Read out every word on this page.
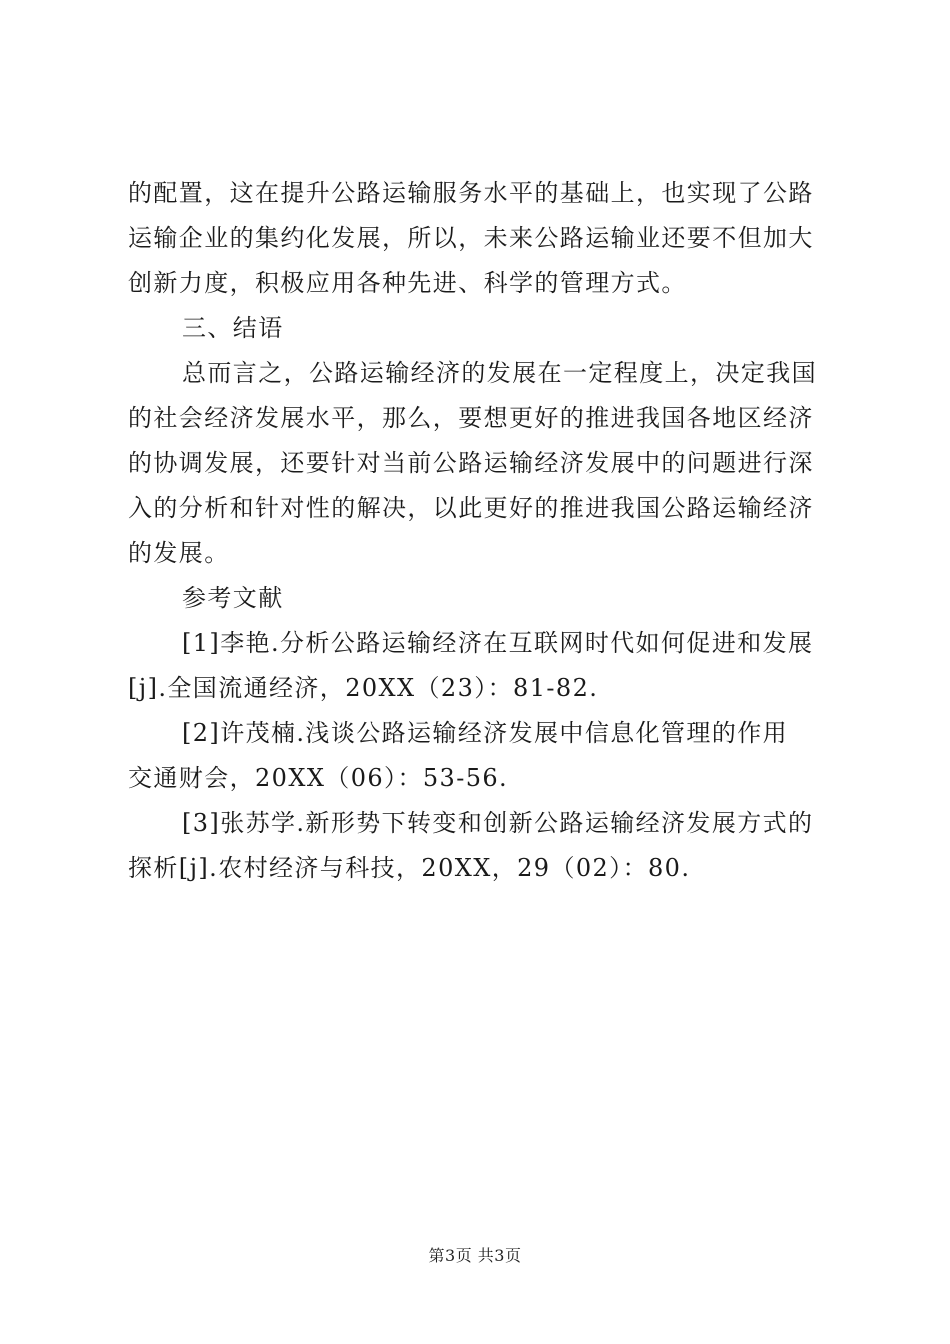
的配置，这在提升公路运输服务水平的基础上，也实现了公路
运输企业的集约化发展，所以，未来公路运输业还要不但加大
创新力度，积极应用各种先进、科学的管理方式。
三、结语
总而言之，公路运输经济的发展在一定程度上，决定我国
的社会经济发展水平，那么，要想更好的推进我国各地区经济
的协调发展，还要针对当前公路运输经济发展中的问题进行深
入的分析和针对性的解决，以此更好的推进我国公路运输经济
的发展。
参考文献
[1]李艳.分析公路运输经济在互联网时代如何促进和发展
[j].全国流通经济，20XX（23）：81-82.
[2]许茂楠.浅谈公路运输经济发展中信息化管理的作用
交通财会，20XX（06）：53-56.
[3]张苏学.新形势下转变和创新公路运输经济发展方式的
探析[j].农村经济与科技，20XX，29（02）：80.
第3页 共3页
